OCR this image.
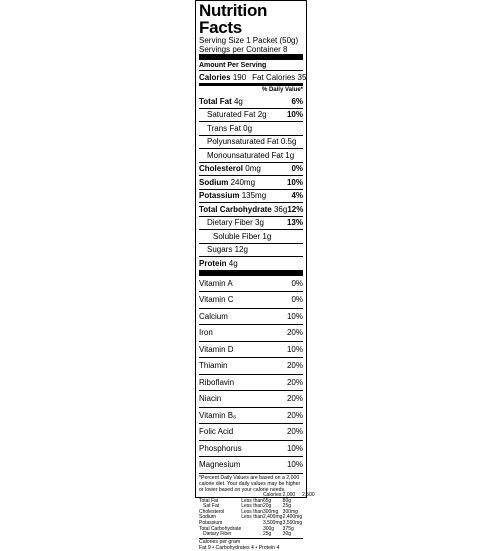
Nutrition Facts
Serving Size 1 Packet (50g)
Servings per Container 8
Amount Per Serving
Calories 190 Fat Calories 35
% Daily Value*
Total Fat 4g	6%
Saturated Fat 2g	10%
Trans Fat 0g
Polyunsaturated Fat 0.5g
Monounsaturated Fat 1g
Cholesterol 0mg	0%
Sodium 240mg	10%
Potassium 135mg	4%
Total Carbohydrate 36g 12%
Dietary Fiber 3g	13%
Soluble Fiber 1g
Sugars 12g
Protein 4g
Vitamin A	0%
Vitamin C	0%
Calcium	10%
Iron	20%
Vitamin D	10%
Thiamin	20%
Riboflavin	20%
Niacin	20%
Vitamin B₆	20%
Folic Acid	20%
Phosphorus	10%
Magnesium	10%
*Percent Daily Values are based on a 2,000 calorie diet. Your daily values may be higher or lower based on your calorie needs.
		Calories:	2,000	2,500
Total Fat	Less than	65g	80g	
Sat Fat	Less than	20g	25g	
Cholesterol	Less than	300mg	300mg	
Sodium	Less than	2,400mg	2,400mg	
Potassium		3,500mg	3,500mg	
Total Carbohydrate		300g	375g	
Dietary Fiber		25g	30g	
Calories per gram
Fat 9 • Carbohydrates 4 • Protein 4
